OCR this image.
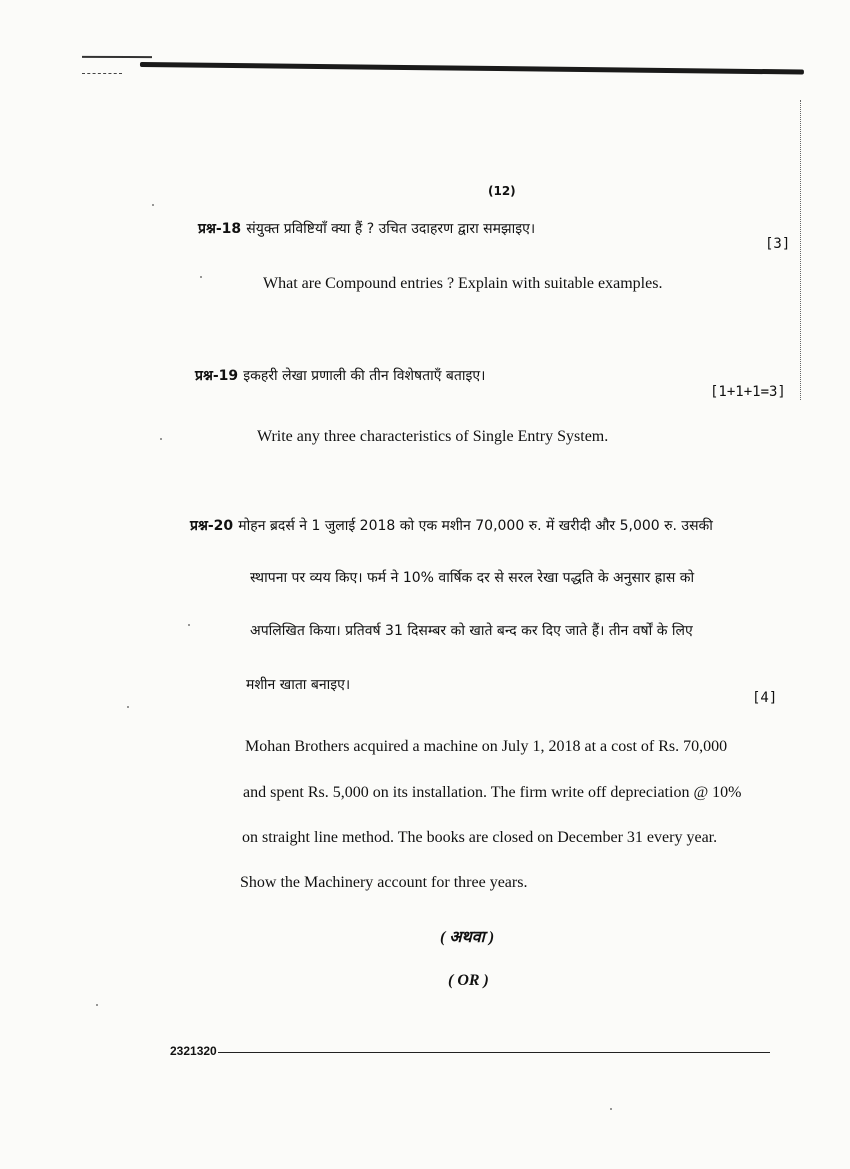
(12)
प्रश्न-18 संयुक्त प्रविष्टियाँ क्या हैं ? उचित उदाहरण द्वारा समझाइए।
[3]
What are Compound entries ? Explain with suitable examples.
प्रश्न-19 इकहरी लेखा प्रणाली की तीन विशेषताएँ बताइए।
[1+1+1=3]
Write any three characteristics of Single Entry System.
प्रश्न-20 मोहन ब्रदर्स ने 1 जुलाई 2018 को एक मशीन 70,000 रु. में खरीदी और 5,000 रु. उसकी
स्थापना पर व्यय किए। फर्म ने 10% वार्षिक दर से सरल रेखा पद्धति के अनुसार ह्रास को
अपलिखित किया। प्रतिवर्ष 31 दिसम्बर को खाते बन्द कर दिए जाते हैं। तीन वर्षों के लिए
मशीन खाता बनाइए।
[4]
Mohan Brothers acquired a machine on July 1, 2018 at a cost of Rs. 70,000
and spent Rs. 5,000 on its installation. The firm write off depreciation @ 10%
on straight line method. The books are closed on December 31 every year.
Show the Machinery account for three years.
( अथवा )
( OR )
2321320
